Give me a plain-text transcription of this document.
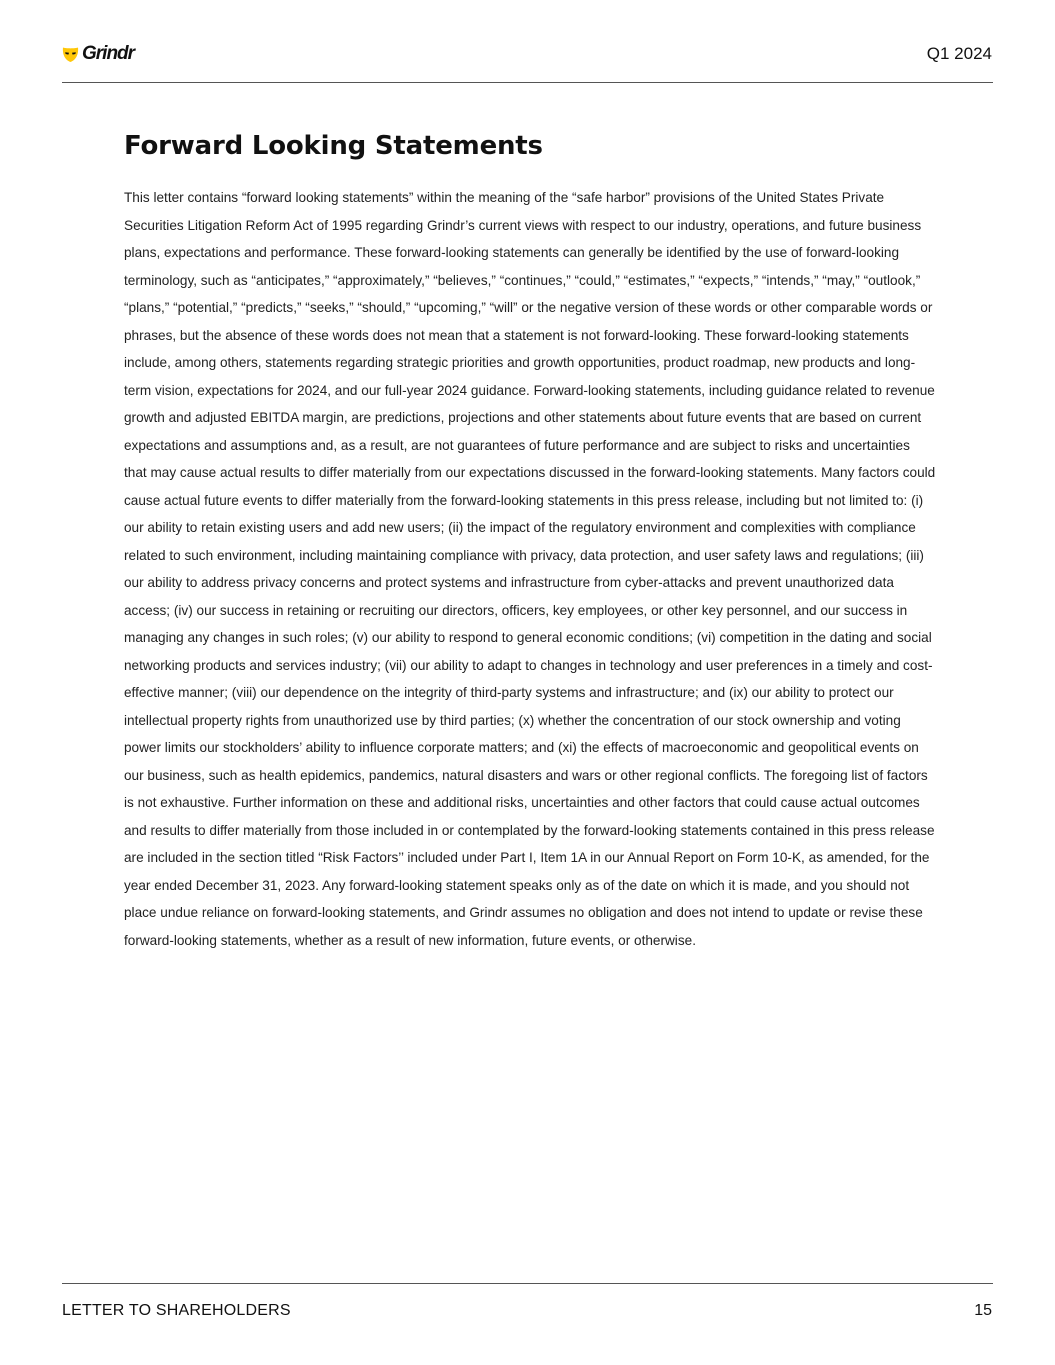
Grindr	Q1 2024
Forward Looking Statements

This letter contains “forward looking statements” within the meaning of the “safe harbor” provisions of the United States Private Securities Litigation Reform Act of 1995 regarding Grindr’s current views with respect to our industry, operations, and future business plans, expectations and performance. These forward-looking statements can generally be identified by the use of forward-looking terminology, such as “anticipates,” “approximately,” “believes,” “continues,” “could,” “estimates,” “expects,” “intends,” “may,” “outlook,” “plans,” “potential,” “predicts,” “seeks,” “should,” “upcoming,” “will” or the negative version of these words or other comparable words or phrases, but the absence of these words does not mean that a statement is not forward-looking. These forward-looking statements include, among others, statements regarding strategic priorities and growth opportunities, product roadmap, new products and long-term vision, expectations for 2024, and our full-year 2024 guidance. Forward-looking statements, including guidance related to revenue growth and adjusted EBITDA margin, are predictions, projections and other statements about future events that are based on current expectations and assumptions and, as a result, are not guarantees of future performance and are subject to risks and uncertainties that may cause actual results to differ materially from our expectations discussed in the forward-looking statements. Many factors could cause actual future events to differ materially from the forward-looking statements in this press release, including but not limited to: (i) our ability to retain existing users and add new users; (ii) the impact of the regulatory environment and complexities with compliance related to such environment, including maintaining compliance with privacy, data protection, and user safety laws and regulations; (iii) our ability to address privacy concerns and protect systems and infrastructure from cyber-attacks and prevent unauthorized data access; (iv) our success in retaining or recruiting our directors, officers, key employees, or other key personnel, and our success in managing any changes in such roles; (v) our ability to respond to general economic conditions; (vi) competition in the dating and social networking products and services industry; (vii) our ability to adapt to changes in technology and user preferences in a timely and cost-effective manner; (viii) our dependence on the integrity of third-party systems and infrastructure; and (ix) our ability to protect our intellectual property rights from unauthorized use by third parties; (x) whether the concentration of our stock ownership and voting power limits our stockholders’ ability to influence corporate matters; and (xi) the effects of macroeconomic and geopolitical events on our business, such as health epidemics, pandemics, natural disasters and wars or other regional conflicts. The foregoing list of factors is not exhaustive. Further information on these and additional risks, uncertainties and other factors that could cause actual outcomes and results to differ materially from those included in or contemplated by the forward-looking statements contained in this press release are included in the section titled “Risk Factors’’ included under Part I, Item 1A in our Annual Report on Form 10-K, as amended, for the year ended December 31, 2023. Any forward-looking statement speaks only as of the date on which it is made, and you should not place undue reliance on forward-looking statements, and Grindr assumes no obligation and does not intend to update or revise these forward-looking statements, whether as a result of new information, future events, or otherwise.

LETTER TO SHAREHOLDERS	15
